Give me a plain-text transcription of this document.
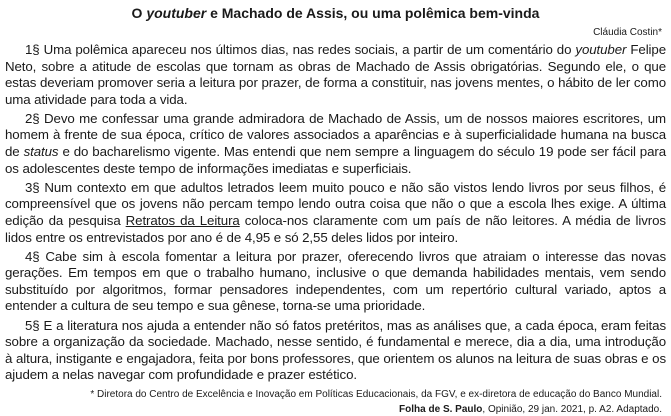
O youtuber e Machado de Assis, ou uma polêmica bem-vinda
Cláudia Costin*

1§ Uma polêmica apareceu nos últimos dias, nas redes sociais, a partir de um comentário do youtuber Felipe Neto, sobre a atitude de escolas que tornam as obras de Machado de Assis obrigatórias. Segundo ele, o que estas deveriam promover seria a leitura por prazer, de forma a constituir, nas jovens mentes, o hábito de ler como uma atividade para toda a vida.

2§ Devo me confessar uma grande admiradora de Machado de Assis, um de nossos maiores escritores, um homem à frente de sua época, crítico de valores associados a aparências e à superficialidade humana na busca de status e do bacharelismo vigente. Mas entendi que nem sempre a linguagem do século 19 pode ser fácil para os adolescentes deste tempo de informações imediatas e superficiais.

3§ Num contexto em que adultos letrados leem muito pouco e não são vistos lendo livros por seus filhos, é compreensível que os jovens não percam tempo lendo outra coisa que não o que a escola lhes exige. A última edição da pesquisa Retratos da Leitura coloca-nos claramente com um país de não leitores. A média de livros lidos entre os entrevistados por ano é de 4,95 e só 2,55 deles lidos por inteiro.

4§ Cabe sim à escola fomentar a leitura por prazer, oferecendo livros que atraiam o interesse das novas gerações. Em tempos em que o trabalho humano, inclusive o que demanda habilidades mentais, vem sendo substituído por algoritmos, formar pensadores independentes, com um repertório cultural variado, aptos a entender a cultura de seu tempo e sua gênese, torna-se uma prioridade.

5§ E a literatura nos ajuda a entender não só fatos pretéritos, mas as análises que, a cada época, eram feitas sobre a organização da sociedade. Machado, nesse sentido, é fundamental e merece, dia a dia, uma introdução à altura, instigante e engajadora, feita por bons professores, que orientem os alunos na leitura de suas obras e os ajudem a nelas navegar com profundidade e prazer estético.

* Diretora do Centro de Excelência e Inovação em Políticas Educacionais, da FGV, e ex-diretora de educação do Banco Mundial.
Folha de S. Paulo, Opinião, 29 jan. 2021, p. A2. Adaptado.
